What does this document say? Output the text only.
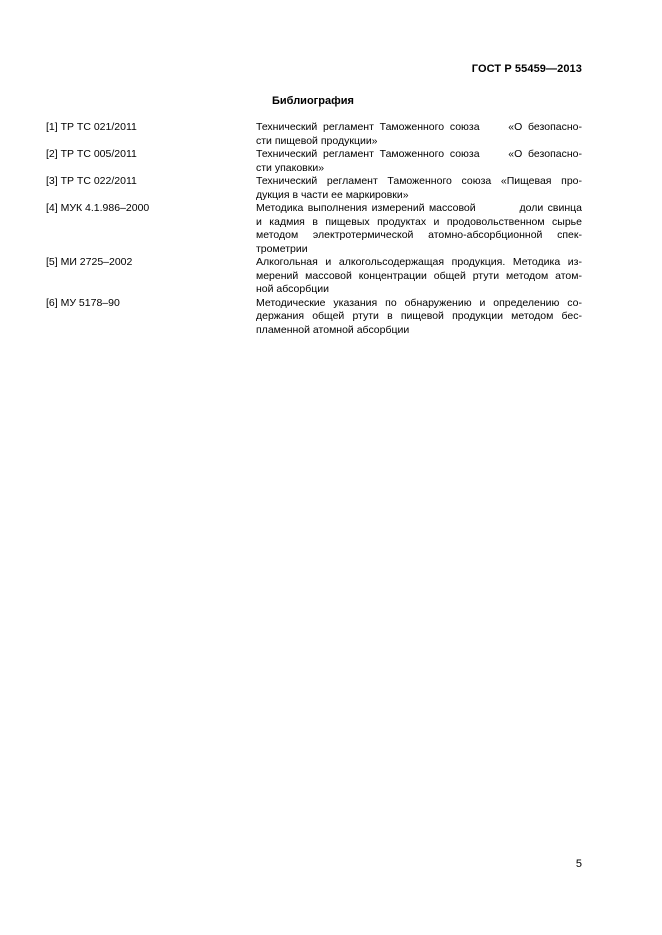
ГОСТ Р 55459—2013
Библиография
[1] ТР ТС 021/2011	Технический регламент Таможенного союза     «О безопасно-
сти пищевой продукции»
[2] ТР ТС 005/2011	Технический регламент Таможенного союза     «О безопасно-
сти упаковки»
[3] ТР ТС 022/2011	Технический регламент Таможенного союза «Пищевая про-
дукция в части ее маркировки»
[4] МУК 4.1.986–2000	Методика выполнения измерений массовой          доли свинца
и кадмия в пищевых продуктах и продовольственном сырье
методом электротермической атомно-абсорбционной спек-
трометрии
[5] МИ 2725–2002	Алкогольная и алкогольсодержащая продукция. Методика из-
мерений массовой концентрации общей ртути методом атом-
ной абсорбции
[6] МУ 5178–90	Методические указания по обнаружению и определению со-
держания общей ртути в пищевой продукции методом бес-
пламенной атомной абсорбции
5
